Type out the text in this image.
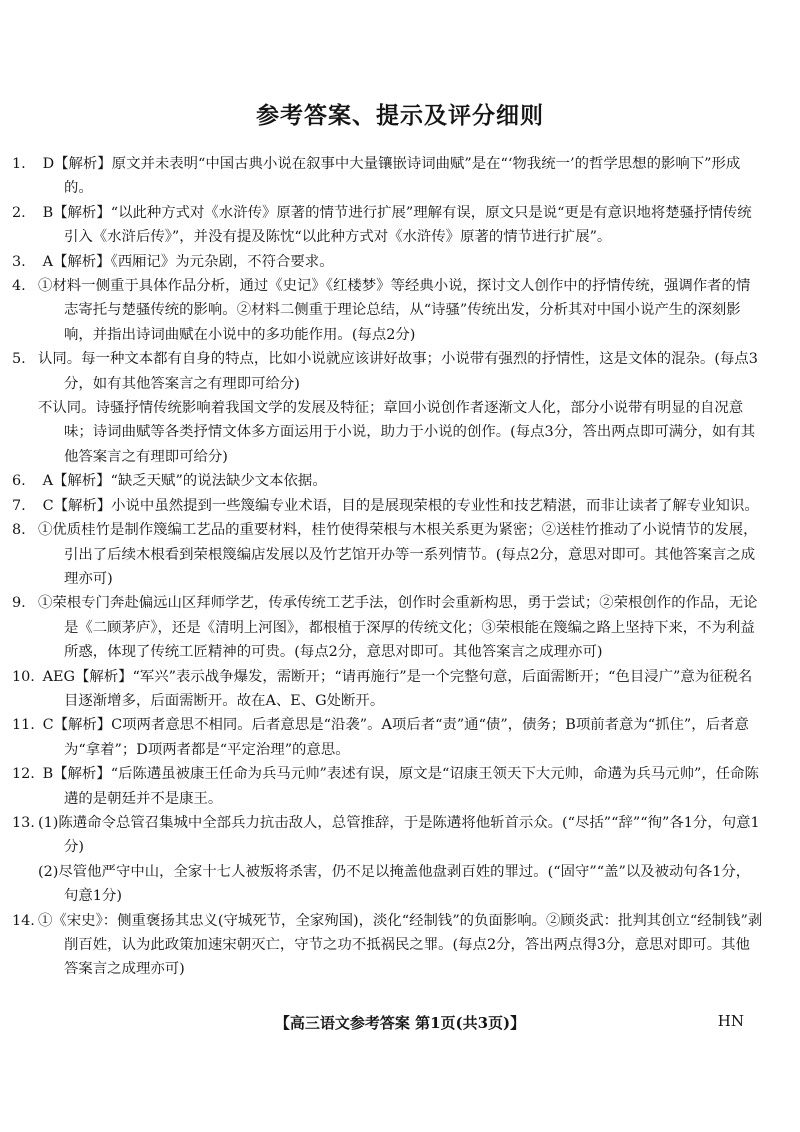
参考答案、提示及评分细则

1. D【解析】原文并未表明“中国古典小说在叙事中大量镶嵌诗词曲赋”是在“‘物我统一’的哲学思想的影响下”形成的。

2. B【解析】“以此种方式对《水浒传》原著的情节进行扩展”理解有误，原文只是说“更是有意识地将楚骚抒情传统引入《水浒后传》”，并没有提及陈忱“以此种方式对《水浒传》原著的情节进行扩展”。

3. A【解析】《西厢记》为元杂剧，不符合要求。

4. ①材料一侧重于具体作品分析，通过《史记》《红楼梦》等经典小说，探讨文人创作中的抒情传统，强调作者的情志寄托与楚骚传统的影响。②材料二侧重于理论总结，从“诗骚”传统出发，分析其对中国小说产生的深刻影响，并指出诗词曲赋在小说中的多功能作用。(每点2分)

5. 认同。每一种文本都有自身的特点，比如小说就应该讲好故事；小说带有强烈的抒情性，这是文体的混杂。(每点3分，如有其他答案言之有理即可给分)

不认同。诗骚抒情传统影响着我国文学的发展及特征；章回小说创作者逐渐文人化，部分小说带有明显的自况意味；诗词曲赋等各类抒情文体多方面运用于小说，助力于小说的创作。(每点3分，答出两点即可满分，如有其他答案言之有理即可给分)

6. A【解析】“缺乏天赋”的说法缺少文本依据。

7. C【解析】小说中虽然提到一些篾编专业术语，目的是展现荣根的专业性和技艺精湛，而非让读者了解专业知识。

8. ①优质桂竹是制作篾编工艺品的重要材料，桂竹使得荣根与木根关系更为紧密；②送桂竹推动了小说情节的发展，引出了后续木根看到荣根篾编店发展以及竹艺馆开办等一系列情节。(每点2分，意思对即可。其他答案言之成理亦可)

9. ①荣根专门奔赴偏远山区拜师学艺，传承传统工艺手法，创作时会重新构思，勇于尝试；②荣根创作的作品，无论是《二顾茅庐》，还是《清明上河图》，都根植于深厚的传统文化；③荣根能在篾编之路上坚持下来，不为利益所惑，体现了传统工匠精神的可贵。(每点2分，意思对即可。其他答案言之成理亦可)

10. AEG【解析】“军兴”表示战争爆发，需断开；“请再施行”是一个完整句意，后面需断开；“色目浸广”意为征税名目逐渐增多，后面需断开。故在A、E、G处断开。

11. C【解析】C项两者意思不相同。后者意思是“沿袭”。A项后者“责”通“债”，债务；B项前者意为“抓住”，后者意为“拿着”；D项两者都是“平定治理”的意思。

12. B【解析】“后陈遘虽被康王任命为兵马元帅”表述有误，原文是“诏康王领天下大元帅，命遘为兵马元帅”，任命陈遘的是朝廷并不是康王。

13. (1)陈遘命令总管召集城中全部兵力抗击敌人，总管推辞，于是陈遘将他斩首示众。(“尽括”“辞”“徇”各1分，句意1分)

(2)尽管他严守中山，全家十七人被叛将杀害，仍不足以掩盖他盘剥百姓的罪过。(“固守”“盖”以及被动句各1分，句意1分)

14. ①《宋史》：侧重褒扬其忠义(守城死节，全家殉国)，淡化“经制钱”的负面影响。②顾炎武：批判其创立“经制钱”剥削百姓，认为此政策加速宋朝灭亡，守节之功不抵祸民之罪。(每点2分，答出两点得3分，意思对即可。其他答案言之成理亦可)

【高三语文参考答案 第1页(共3页)】	HN
